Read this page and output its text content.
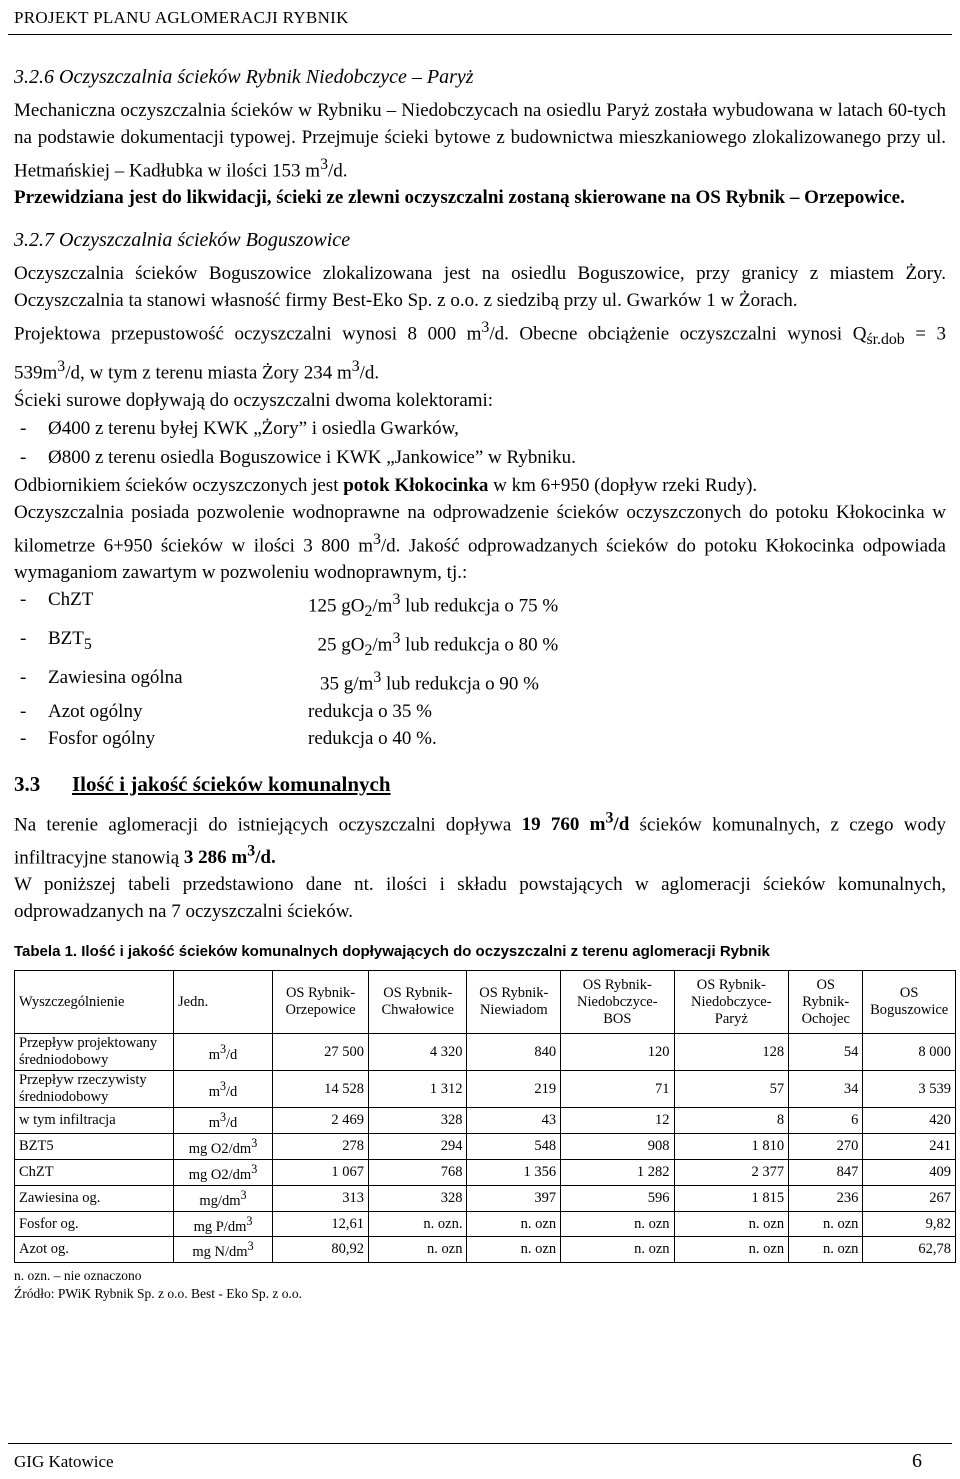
PROJEKT PLANU AGLOMERACJI RYBNIK
3.2.6 Oczyszczalnia ścieków Rybnik Niedobczyce – Paryż

Mechaniczna oczyszczalnia ścieków w Rybniku – Niedobczycach na osiedlu Paryż została wybudowana w latach 60-tych na podstawie dokumentacji typowej. Przejmuje ścieki bytowe z budownictwa mieszkaniowego zlokalizowanego przy ul. Hetmańskiej – Kadłubka w ilości 153 $m^3/d$.

Przewidziana jest do likwidacji, ścieki ze zlewni oczyszczalni zostaną skierowane na OS Rybnik – Orzepowice.

3.2.7 Oczyszczalnia ścieków Boguszowice

Oczyszczalnia ścieków Boguszowice zlokalizowana jest na osiedlu Boguszowice, przy granicy z miastem Żory. Oczyszczalnia ta stanowi własność firmy Best-Eko Sp. z o.o. z siedzibą przy ul. Gwarków 1 w Żorach.

Projektowa przepustowość oczyszczalni wynosi 8 000 $m^3/d$. Obecne obciążenie oczyszczalni wynosi $Q_{śr.dob} = 3$ $539m^3/d$, w tym z terenu miasta Żory 234 $m^3/d$.

Ścieki surowe dopływają do oczyszczalni dwoma kolektorami:

-	Ø400 z terenu byłej KWK „Żory” i osiedla Gwarków,
-	Ø800 z terenu osiedla Boguszowice i KWK „Jankowice” w Rybniku.

Odbiornikiem ścieków oczyszczonych jest potok Kłokocinka w km 6+950 (dopływ rzeki Rudy).

Oczyszczalnia posiada pozwolenie wodnoprawne na odprowadzenie ścieków oczyszczonych do potoku Kłokocinka w kilometrze 6+950 ścieków w ilości 3 800 $m^3/d$. Jakość odprowadzanych ścieków do potoku Kłokocinka odpowiada wymaganiom zawartym w pozwoleniu wodnoprawnym, tj.:

-	ChZT	125 $gO_2/m^3$ lub redukcja o 75 %
-	$BZT_5$	25 $gO_2/m^3$ lub redukcja o 80 %
-	Zawiesina ogólna	35 $g/m^3$ lub redukcja o 90 %
-	Azot ogólny	redukcja o 35 %
-	Fosfor ogólny	redukcja o 40 %.
3.3 Ilość i jakość ścieków komunalnych

Na terenie aglomeracji do istniejących oczyszczalni dopływa 19 760 $m^3/d$ ścieków komunalnych, z czego wody infiltracyjne stanowią 3 286 $m^3/d$.

W poniższej tabeli przedstawiono dane nt. ilości i składu powstających w aglomeracji ścieków komunalnych, odprowadzanych na 7 oczyszczalni ścieków.

Tabela 1. Ilość i jakość ścieków komunalnych dopływających do oczyszczalni z terenu aglomeracji Rybnik
Wyszczególnienie	Jedn.	OS Rybnik-Orzepowice	OS Rybnik-Chwałowice	OS Rybnik-Niewiadom	OS Rybnik-Niedobczyce-BOS	OS Rybnik-Niedobczyce-Paryż	OS Rybnik-Ochojec	OS Boguszowice
Przepływ projektowany średniodobowy	$m^3/d$	27 500	4 320	840	120	128	54	8 000
Przepływ rzeczywisty średniodobowy	$m^3/d$	14 528	1 312	219	71	57	34	3 539
w tym infiltracja	$m^3/d$	2 469	328	43	12	8	6	420
BZT5	mg $O2/dm^3$	278	294	548	908	1 810	270	241
ChZT	mg $O2/dm^3$	1 067	768	1 356	1 282	2 377	847	409
Zawiesina og.	$mg/dm^3$	313	328	397	596	1 815	236	267
Fosfor og.	mg $P/dm^3$	12,61	n. ozn.	n. ozn	n. ozn	n. ozn	n. ozn	9,82
Azot og.	mg $N/dm^3$	80,92	n. ozn	n. ozn	n. ozn	n. ozn	n. ozn	62,78
n. ozn. – nie oznaczono
Źródło: PWiK Rybnik Sp. z o.o. Best - Eko Sp. z o.o.
GIG Katowice	6
